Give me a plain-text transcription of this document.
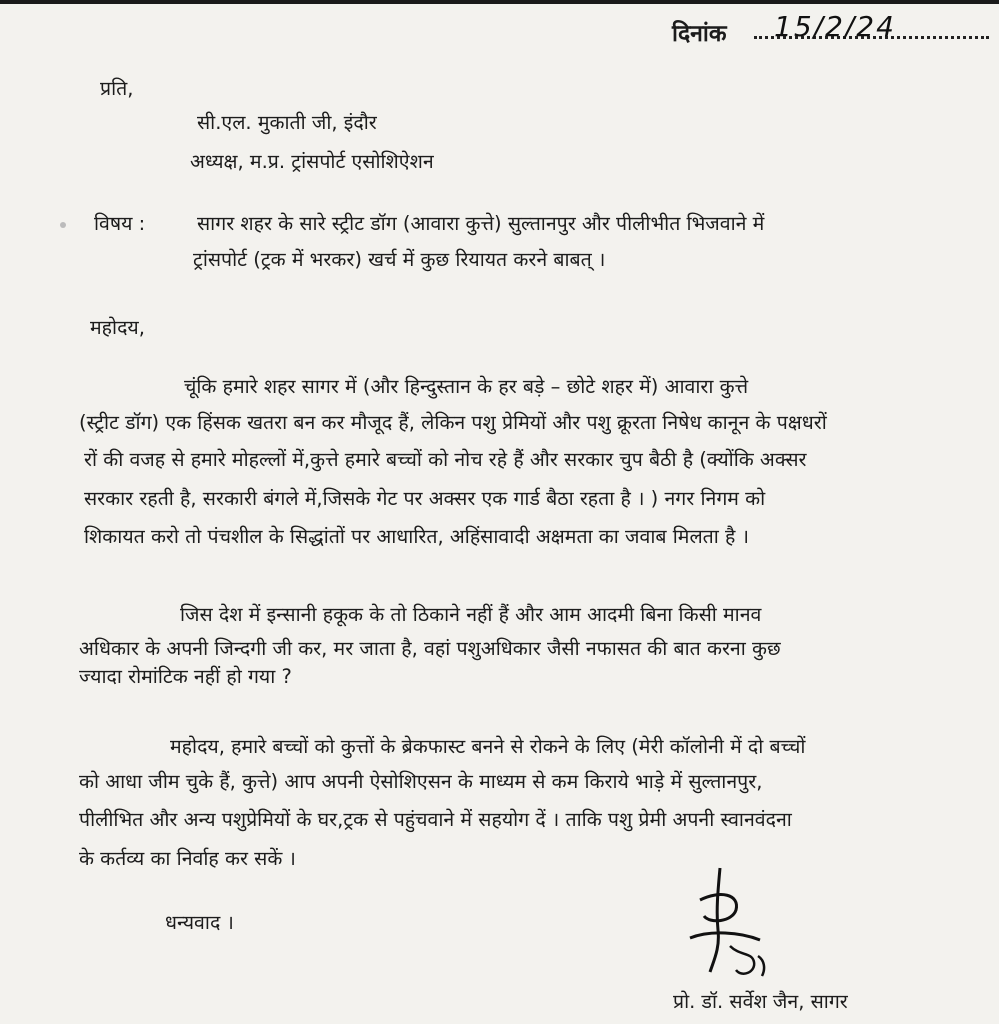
दिनांक 15/2/24
प्रति,
सी.एल. मुकाती जी, इंदौर
अध्यक्ष, म.प्र. ट्रांसपोर्ट एसोशिऐशन
विषय :	सागर शहर के सारे स्ट्रीट डॉग (आवारा कुत्ते) सुल्तानपुर और पीलीभीत भिजवाने में
ट्रांसपोर्ट (ट्रक में भरकर) खर्च में कुछ रियायत करने बाबत् ।
महोदय,
चूंकि हमारे शहर सागर में (और हिन्दुस्तान के हर बड़े – छोटे शहर में) आवारा कुत्ते
(स्ट्रीट डॉग) एक हिंसक खतरा बन कर मौजूद हैं, लेकिन पशु प्रेमियों और पशु क्रूरता निषेध कानून के पक्षधरों
रों की वजह से हमारे मोहल्लों में,कुत्ते हमारे बच्चों को नोच रहे हैं और सरकार चुप बैठी है (क्योंकि अक्सर
सरकार रहती है, सरकारी बंगले में,जिसके गेट पर अक्सर एक गार्ड बैठा रहता है । ) नगर निगम को
शिकायत करो तो पंचशील के सिद्धांतों पर आधारित, अहिंसावादी अक्षमता का जवाब मिलता है ।
जिस देश में इन्सानी हकूक के तो ठिकाने नहीं हैं और आम आदमी बिना किसी मानव
अधिकार के अपनी जिन्दगी जी कर, मर जाता है, वहां पशुअधिकार जैसी नफासत की बात करना कुछ
ज्यादा रोमांटिक नहीं हो गया ?
महोदय, हमारे बच्चों को कुत्तों के ब्रेकफास्ट बनने से रोकने के लिए (मेरी कॉलोनी में दो बच्चों
को आधा जीम चुके हैं, कुत्ते) आप अपनी ऐसोशिएसन के माध्यम से कम किराये भाड़े में सुल्तानपुर,
पीलीभित और अन्य पशुप्रेमियों के घर,ट्रक से पहुंचवाने में सहयोग दें । ताकि पशु प्रेमी अपनी स्वानवंदना
के कर्तव्य का निर्वाह कर सकें ।
धन्यवाद ।
प्रो. डॉ. सर्वेश जैन, सागर
